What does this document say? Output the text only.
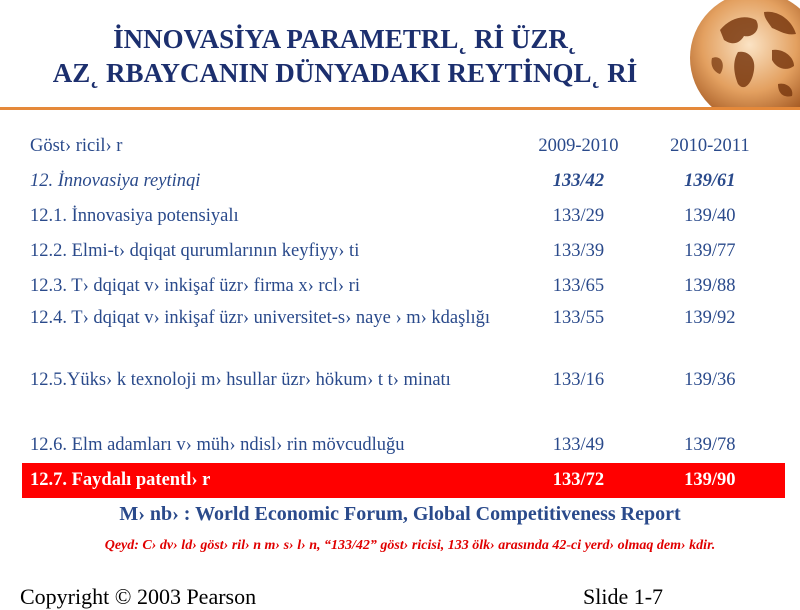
İNNOVASİYA PARAMETRL˛ Rİ ÜZR˛
AZ˛ RBAYCANIN DÜNYADAKI REYTİNQL˛ Rİ
Göst› ricil› r	2009-2010	2010-2011
12. İnnovasiya reytinqi	133/42	139/61
12.1. İnnovasiya potensiyalı	133/29	139/40
12.2. Elmi-t› dqiqat qurumlarının keyfiyy› ti	133/39	139/77
12.3. T› dqiqat v› inkişaf üzr› firma x› rcl› ri	133/65	139/88
12.4. T› dqiqat v› inkişaf üzr› universitet-s› naye › m› kdaşlığı	133/55	139/92
12.5.Yüks› k texnoloji m› hsullar üzr› hökum› t t› minatı	133/16	139/36
12.6. Elm adamları v› müh› ndisl› rin mövcudluğu	133/49	139/78
12.7. Faydalı patentl› r	133/72	139/90
M› nb› : World Economic Forum, Global Competitiveness Report
Qeyd: C› dv› ld› göst› ril› n m› s› l› n, “133/42” göst› ricisi, 133 ölk› arasında 42-ci yerd› olmaq dem› kdir.
Copyright © 2003 Pearson	Slide 1-7
